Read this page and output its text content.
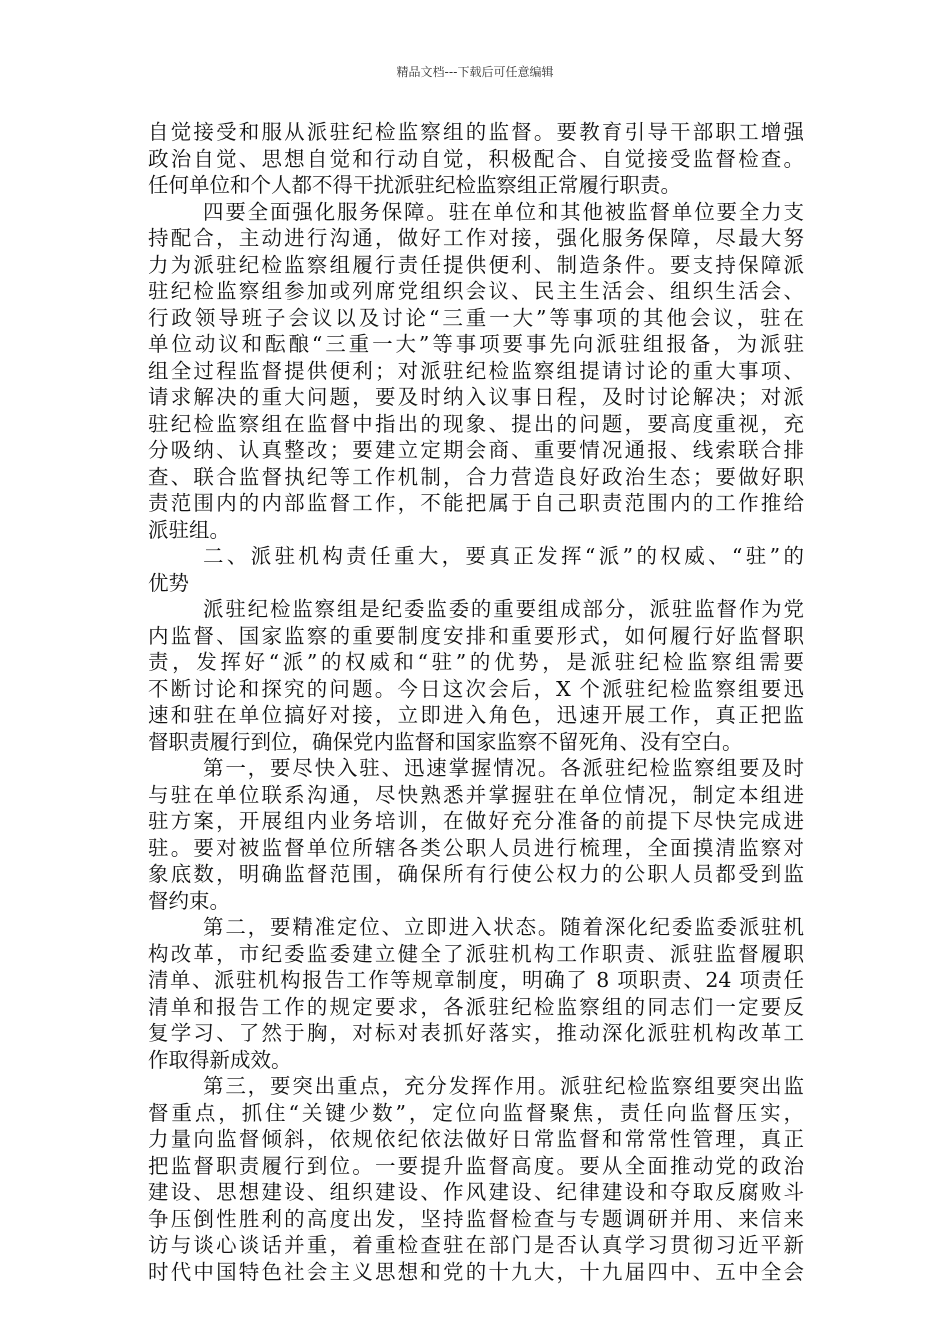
精品文档---下载后可任意编辑
自觉接受和服从派驻纪检监察组的监督。要教育引导干部职工增强
政治自觉、思想自觉和行动自觉，积极配合、自觉接受监督检查。
任何单位和个人都不得干扰派驻纪检监察组正常履行职责。
四要全面强化服务保障。驻在单位和其他被监督单位要全力支
持配合，主动进行沟通，做好工作对接，强化服务保障，尽最大努
力为派驻纪检监察组履行责任提供便利、制造条件。要支持保障派
驻纪检监察组参加或列席党组织会议、民主生活会、组织生活会、
行政领导班子会议以及讨论“三重一大”等事项的其他会议，驻在
单位动议和酝酿“三重一大”等事项要事先向派驻组报备，为派驻
组全过程监督提供便利；对派驻纪检监察组提请讨论的重大事项、
请求解决的重大问题，要及时纳入议事日程，及时讨论解决；对派
驻纪检监察组在监督中指出的现象、提出的问题，要高度重视，充
分吸纳、认真整改；要建立定期会商、重要情况通报、线索联合排
查、联合监督执纪等工作机制，合力营造良好政治生态；要做好职
责范围内的内部监督工作，不能把属于自己职责范围内的工作推给
派驻组。
二、派驻机构责任重大，要真正发挥“派”的权威、“驻”的
优势
派驻纪检监察组是纪委监委的重要组成部分，派驻监督作为党
内监督、国家监察的重要制度安排和重要形式，如何履行好监督职
责，发挥好“派”的权威和“驻”的优势，是派驻纪检监察组需要
不断讨论和探究的问题。今日这次会后，X 个派驻纪检监察组要迅
速和驻在单位搞好对接，立即进入角色，迅速开展工作，真正把监
督职责履行到位，确保党内监督和国家监察不留死角、没有空白。
第一，要尽快入驻、迅速掌握情况。各派驻纪检监察组要及时
与驻在单位联系沟通，尽快熟悉并掌握驻在单位情况，制定本组进
驻方案，开展组内业务培训，在做好充分准备的前提下尽快完成进
驻。要对被监督单位所辖各类公职人员进行梳理，全面摸清监察对
象底数，明确监督范围，确保所有行使公权力的公职人员都受到监
督约束。
第二，要精准定位、立即进入状态。随着深化纪委监委派驻机
构改革，市纪委监委建立健全了派驻机构工作职责、派驻监督履职
清单、派驻机构报告工作等规章制度，明确了 8 项职责、24 项责任
清单和报告工作的规定要求，各派驻纪检监察组的同志们一定要反
复学习、了然于胸，对标对表抓好落实，推动深化派驻机构改革工
作取得新成效。
第三，要突出重点，充分发挥作用。派驻纪检监察组要突出监
督重点，抓住“关键少数”，定位向监督聚焦，责任向监督压实，
力量向监督倾斜，依规依纪依法做好日常监督和常常性管理，真正
把监督职责履行到位。一要提升监督高度。要从全面推动党的政治
建设、思想建设、组织建设、作风建设、纪律建设和夺取反腐败斗
争压倒性胜利的高度出发，坚持监督检查与专题调研并用、来信来
访与谈心谈话并重，着重检查驻在部门是否认真学习贯彻习近平新
时代中国特色社会主义思想和党的十九大，十九届四中、五中全会
